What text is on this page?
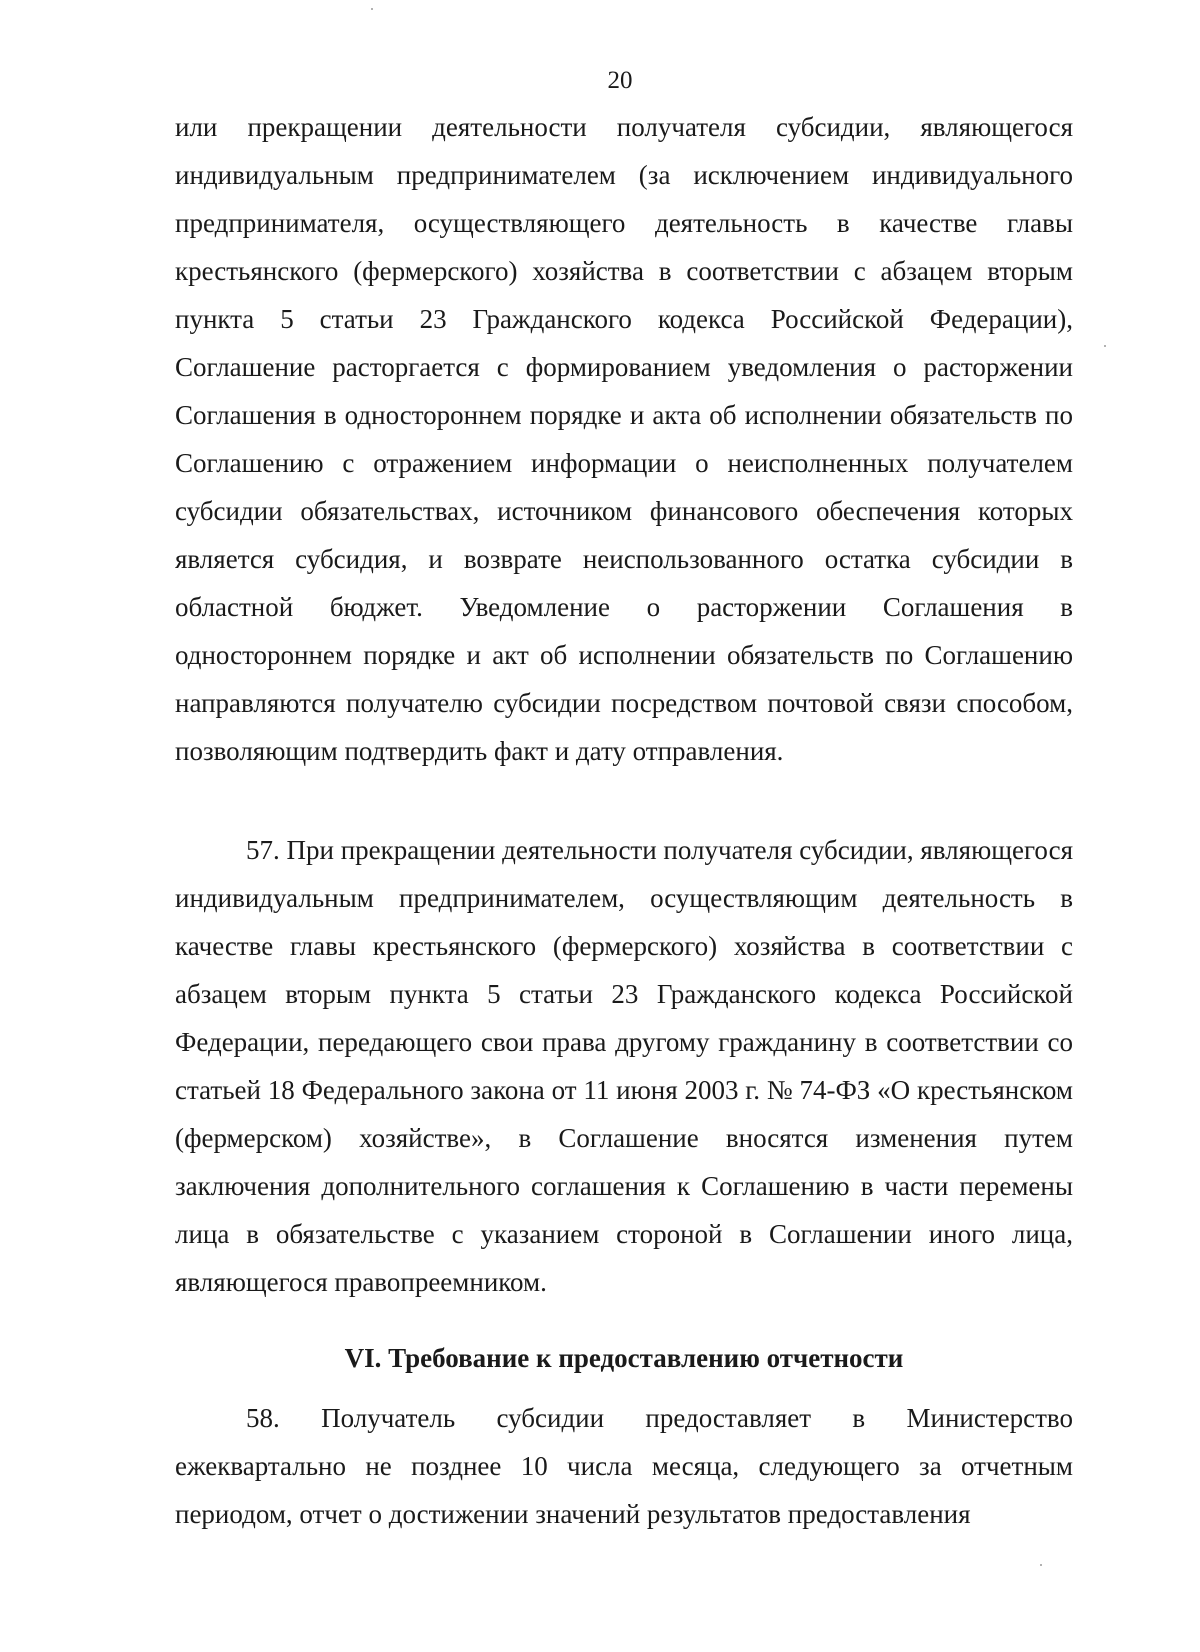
20

или прекращении деятельности получателя субсидии, являющегося индивидуальным предпринимателем (за исключением индивидуального предпринимателя, осуществляющего деятельность в качестве главы крестьянского (фермерского) хозяйства в соответствии с абзацем вторым пункта 5 статьи 23 Гражданского кодекса Российской Федерации), Соглашение расторгается с формированием уведомления о расторжении Соглашения в одностороннем порядке и акта об исполнении обязательств по Соглашению с отражением информации о неисполненных получателем субсидии обязательствах, источником финансового обеспечения которых является субсидия, и возврате неиспользованного остатка субсидии в областной бюджет. Уведомление о расторжении Соглашения в одностороннем порядке и акт об исполнении обязательств по Соглашению направляются получателю субсидии посредством почтовой связи способом, позволяющим подтвердить факт и дату отправления.

57. При прекращении деятельности получателя субсидии, являющегося индивидуальным предпринимателем, осуществляющим деятельность в качестве главы крестьянского (фермерского) хозяйства в соответствии с абзацем вторым пункта 5 статьи 23 Гражданского кодекса Российской Федерации, передающего свои права другому гражданину в соответствии со статьей 18 Федерального закона от 11 июня 2003 г. № 74-ФЗ «О крестьянском (фермерском) хозяйстве», в Соглашение вносятся изменения путем заключения дополнительного соглашения к Соглашению в части перемены лица в обязательстве с указанием стороной в Соглашении иного лица, являющегося правопреемником.

VI. Требование к предоставлению отчетности

58. Получатель субсидии предоставляет в Министерство ежеквартально не позднее 10 числа месяца, следующего за отчетным периодом, отчет о достижении значений результатов предоставления
